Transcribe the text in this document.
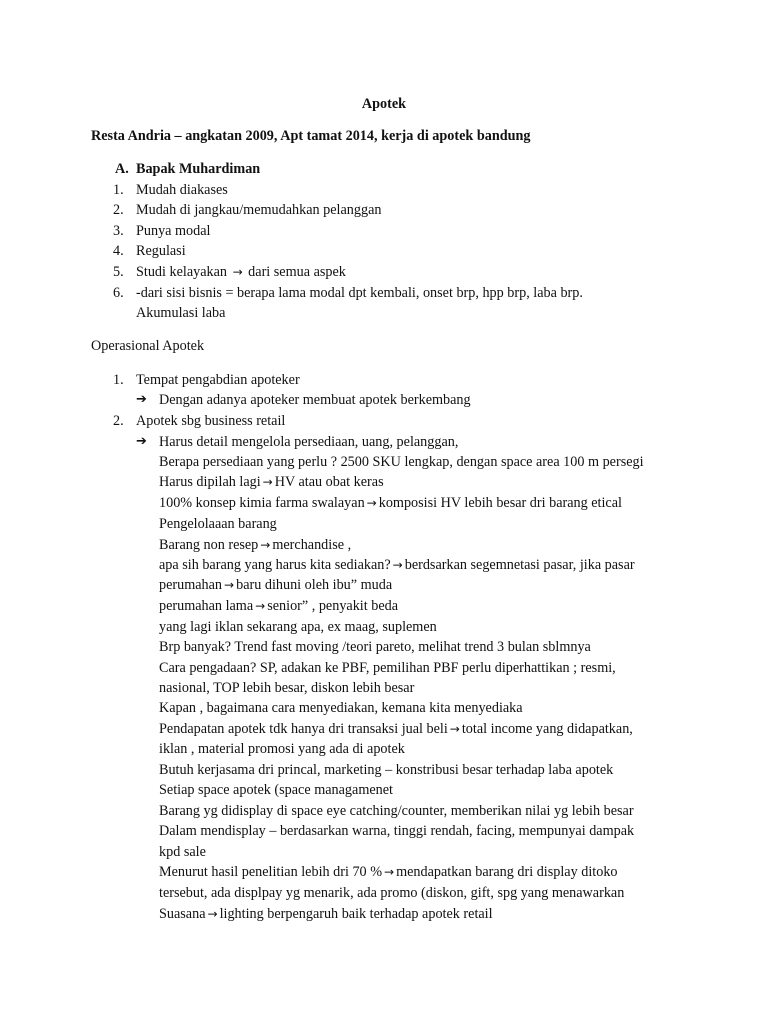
Apotek
Resta Andria – angkatan 2009, Apt tamat 2014, kerja di apotek bandung
A. Bapak Muhardiman
1. Mudah diakases
2. Mudah di jangkau/memudahkan pelanggan
3. Punya modal
4. Regulasi
5. Studi kelayakan → dari semua aspek
6. -dari sisi bisnis = berapa lama modal dpt kembali, onset brp, hpp brp, laba brp.
Akumulasi laba
Operasional Apotek
1. Tempat pengabdian apoteker
➔ Dengan adanya apoteker membuat apotek berkembang
2. Apotek sbg business retail
➔ Harus detail mengelola persediaan, uang, pelanggan,
Berapa persediaan yang perlu ? 2500 SKU lengkap, dengan space area 100 m persegi
Harus dipilah lagi → HV atau obat keras
100% konsep kimia farma swalayan → komposisi HV lebih besar dri barang etical
Pengelolaaan barang
Barang non resep → merchandise ,
apa sih barang yang harus kita sediakan? → berdsarkan segemnetasi pasar, jika pasar
perumahan → baru dihuni oleh ibu” muda
perumahan lama → senior” , penyakit beda
yang lagi iklan sekarang apa, ex maag, suplemen
Brp banyak? Trend fast moving /teori pareto, melihat trend 3 bulan sblmnya
Cara pengadaan? SP, adakan ke PBF, pemilihan PBF perlu diperhattikan ; resmi,
nasional, TOP lebih besar, diskon lebih besar
Kapan , bagaimana cara menyediakan, kemana kita menyediaka
Pendapatan apotek tdk hanya dri transaksi jual beli → total income yang didapatkan,
iklan , material promosi yang ada di apotek
Butuh kerjasama dri princal, marketing – konstribusi besar terhadap laba apotek
Setiap space apotek (space managamenet
Barang yg didisplay di space eye catching/counter, memberikan nilai yg lebih besar
Dalam mendisplay – berdasarkan warna, tinggi rendah, facing, mempunyai dampak
kpd sale
Menurut hasil penelitian lebih dri 70 % → mendapatkan barang dri display ditoko
tersebut, ada displpay yg menarik, ada promo (diskon, gift, spg yang menawarkan
Suasana → lighting berpengaruh baik terhadap apotek retail
